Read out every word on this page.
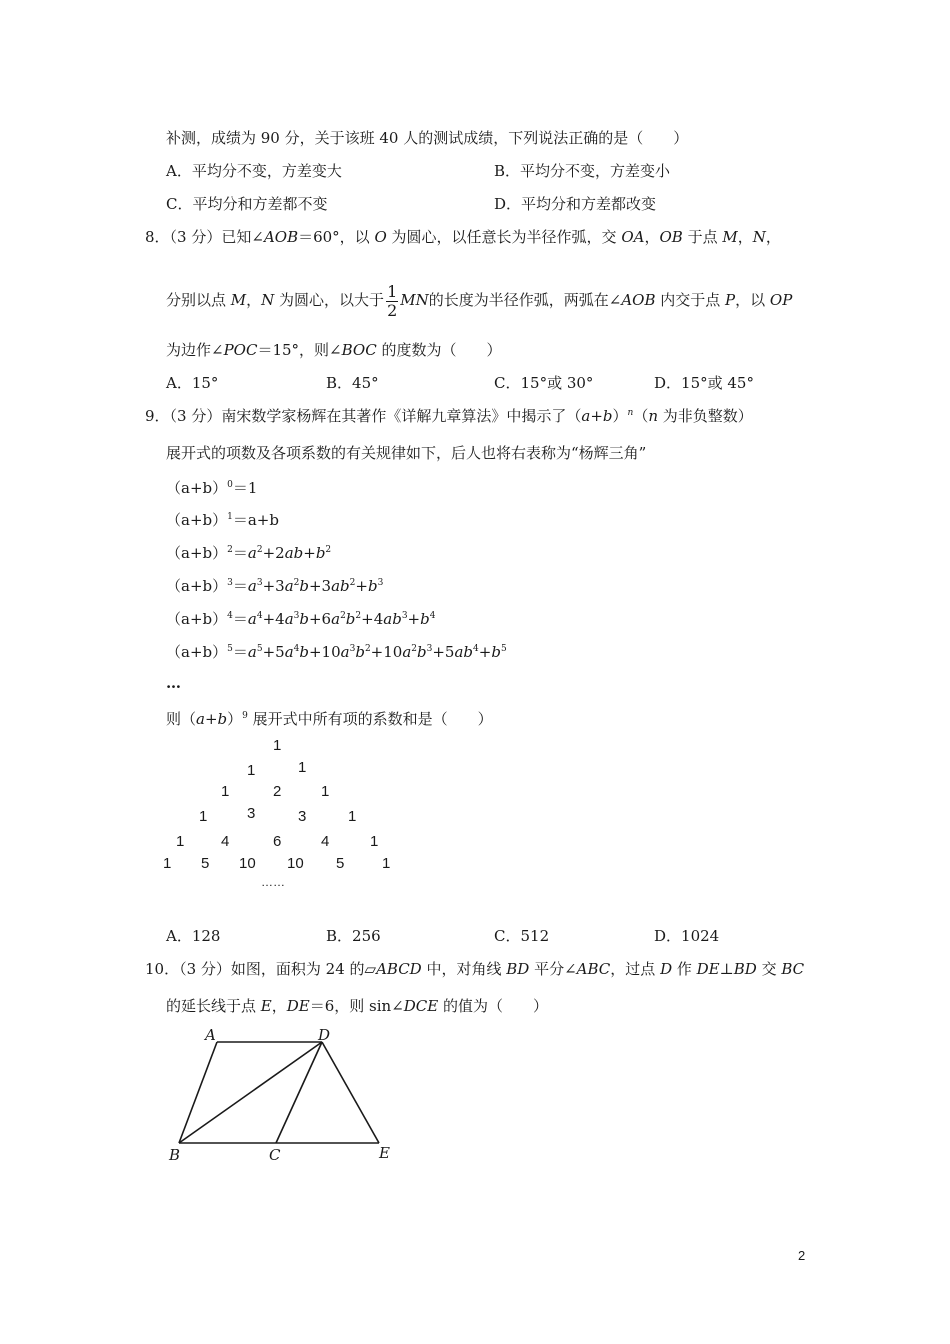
补测，成绩为 90 分，关于该班 40 人的测试成绩，下列说法正确的是（　　）
A．平均分不变，方差变大	B．平均分不变，方差变小
C．平均分和方差都不变	D．平均分和方差都改变
8．（3 分）已知∠AOB＝60°，以 O 为圆心，以任意长为半径作弧，交 OA，OB 于点 M，N，
分别以点 M，N 为圆心，以大于 $\frac{1}{2}$ MN的长度为半径作弧，两弧在∠AOB 内交于点 P，以 OP
为边作∠POC＝15°，则∠BOC 的度数为（　　）
A．15°	B．45°	C．15°或 30°	D．15°或 45°
9．（3 分）南宋数学家杨辉在其著作《详解九章算法》中揭示了$(a+b)^n(n$ 为非负整数）
展开式的项数及各项系数的有关规律如下，后人也将右表称为“杨辉三角”
$(a+b)^0=1$
$(a+b)^1=a+b$
$(a+b)^2=a^2+2ab+b^2$
$(a+b)^3=a^3+3a^2b+3ab^2+b^3$
$(a+b)^4=a^4+4a^3b+6a^2b^2+4ab^3+b^4$
$(a+b)^5=a^5+5a^4b+10a^3b^2+10a^2b^3+5ab^4+b^5$
…
则$(a+b)^9$ 展开式中所有项的系数和是（　　）
1
1	1
1	2	1
1	3	3	1
1 4	6	4	1
1 5 10 10 5	1
……
A．128	B．256	C．512	D．1024
10．（3 分）如图，面积为 24 的▱ABCD 中，对角线 BD 平分∠ABC，过点 D 作 DE⊥BD 交 BC
的延长线于点 E，DE＝6，则 sin∠DCE 的值为（　　）
A	D
B	C	E
2
